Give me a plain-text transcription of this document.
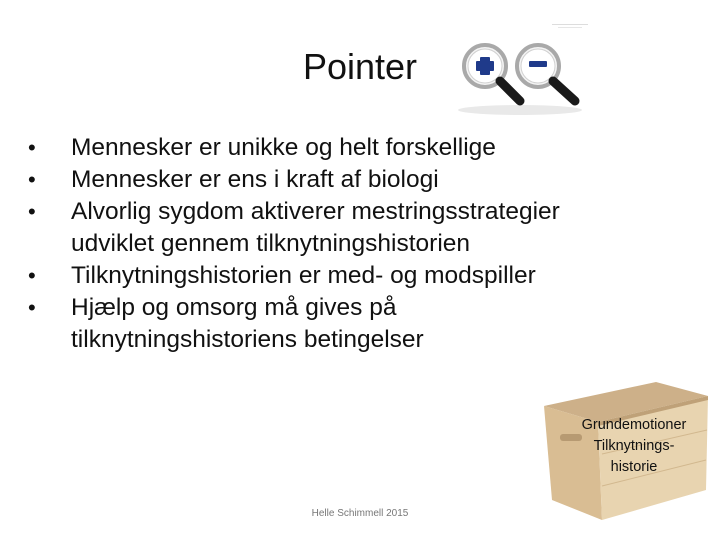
Pointer
• Mennesker er unikke og helt forskellige
• Mennesker er ens i kraft af biologi
• Alvorlig sygdom aktiverer mestringsstrategier udviklet gennem tilknytningshistorien
• Tilknytningshistorien er med- og modspiller
• Hjælp og omsorg må gives på tilknytningshistoriens betingelser
Grundemotioner
Tilknytnings-
historie
Helle Schimmell 2015
